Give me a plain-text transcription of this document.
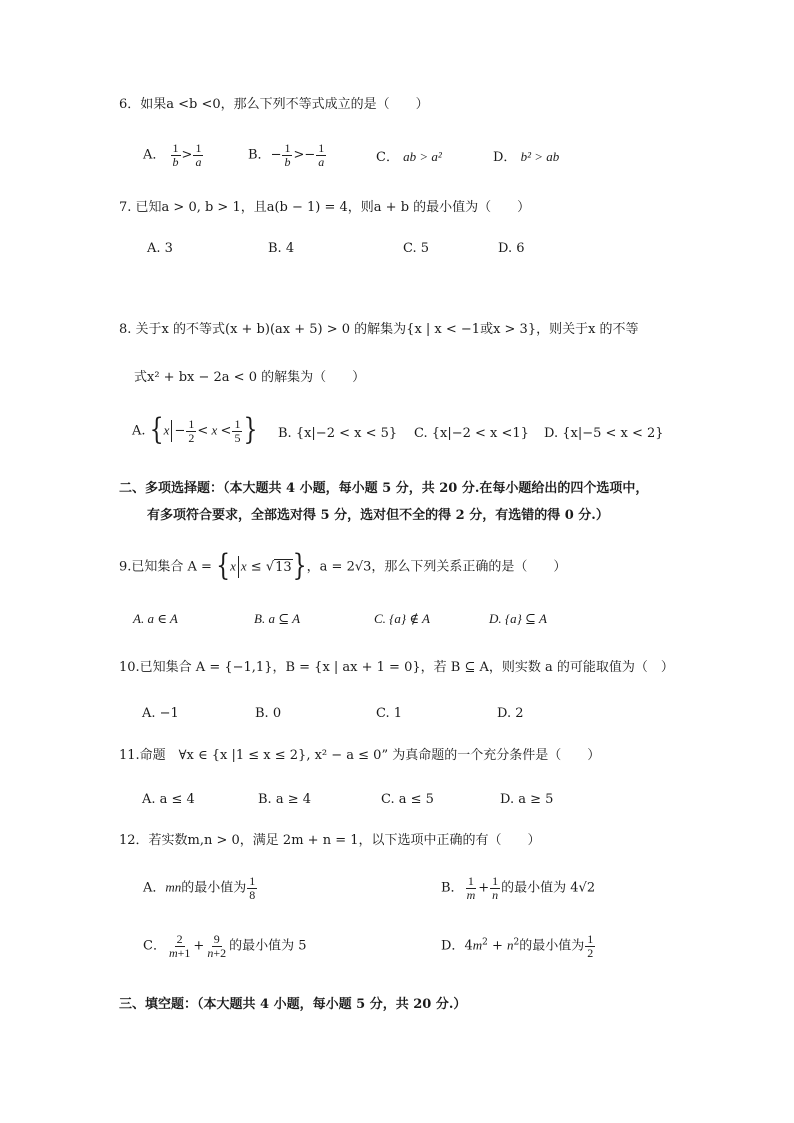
6．如果a <b <0，那么下列不等式成立的是（　　）
A． $\frac{1}{b} > \frac{1}{a}$	B．− $\frac{1}{b} >- \frac{1}{a}$	C． ab > a²	D． b² > ab
7. 已知a > 0, b > 1，且a(b − 1) = 4，则a + b 的最小值为（　　）
A. 3	B. 4	C. 5	D. 6
8. 关于x 的不等式(x + b)(ax + 5) > 0 的解集为{x | x < −1或x > 3}，则关于x 的不等
式x² + bx − 2a < 0 的解集为（　　）
A. {$x - \frac{1}{2} < x < \frac{1}{5}$ } B. {x|−2 < x < 5} C. {x|−2 < x <1} D. {x|−5 < x < 2}
二、多项选择题：（本大题共 4 小题，每小题 5 分，共 20 分.在每小题给出的四个选项中，
有多项符合要求，全部选对得 5 分，选对但不全的得 2 分，有选错的得 0 分.）
9.已知集合 A = {x x ≤ √13}，a = 2√3，那么下列关系正确的是（　　）
A. a ∈ A	B. a ⊆ A	C. {a} ∉ A	D. {a} ⊆ A
10.已知集合 A = {−1,1}，B = {x | ax + 1 = 0}，若 B ⊆ A，则实数 a 的可能取值为（　）
A. −1	B. 0	C. 1	D. 2
11.命题　∀x ∈ {x |1 ≤ x ≤ 2}, x² − a ≤ 0” 为真命题的一个充分条件是（　　）
A. a ≤ 4	B. a ≥ 4	C. a ≤ 5	D. a ≥ 5
12．若实数m,n > 0，满足 2m + n = 1，以下选项中正确的有（　　）
A．mn的最小值为 $\frac{1}{8}$	B． $\frac{1}{m} + \frac{1}{n}$ 的最小值为 4√2
C． $\frac{2}{m+1} + \frac{9}{n+2}$ 的最小值为 5	D．$4m^2 + n^2$的最小值为 $\frac{1}{2}$
三、填空题：（本大题共 4 小题，每小题 5 分，共 20 分.）
